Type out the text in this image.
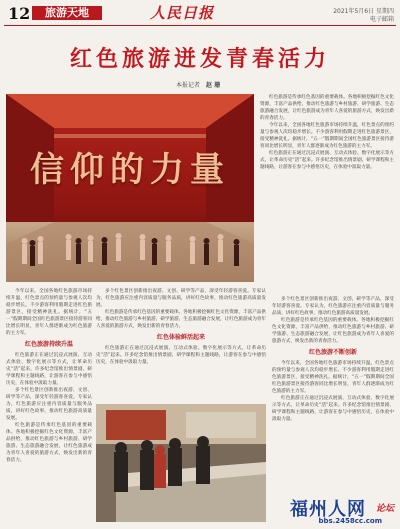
12	旅游天地	人民日报	2021年5月6日 星期四
电子邮箱
红色旅游迸发青春活力
本报记者 赵 珊
信仰的力量

红色旅游是传承红色基因的重要载体。各地积极挖掘红色文化资源，丰富产品供给，推动红色旅游与乡村旅游、研学旅游、生态旅游融合发展，让红色旅游成为青年人喜爱的旅游方式，焕发出新的青春活力。

今年以来，全国各地红色旅游市场持续升温，红色景点的预约量与参观人次均稳步增长。不少游客利用假期走进红色旅游景区，接受精神洗礼。据统计，“五一”假期期间全国红色旅游景区接待游客同比增长明显，青年人群逐渐成为红色旅游的主力军。

红色旅游正在通过沉浸式展演、互动式体验、数字化展示等方式，让革命历史“活”起来。许多纪念馆推出情景剧、研学课程和主题线路，让游客在参与中感悟历史，在体验中汲取力量。

今年以来，全国各地红色旅游市场持续升温，红色景点的预约量与参观人次均稳步增长。不少游客利用假期走进红色旅游景区，接受精神洗礼。据统计，“五一”假期期间全国红色旅游景区接待游客同比增长明显，青年人群逐渐成为红色旅游的主力军。

红色旅游持续升温

红色旅游正在通过沉浸式展演、互动式体验、数字化展示等方式，让革命历史“活”起来。许多纪念馆推出情景剧、研学课程和主题线路，让游客在参与中感悟历史，在体验中汲取力量。

多个红色景区创新推出夜游、文创、研学等产品，深受年轻游客喜爱。专家认为，红色旅游应注重内容质量与服务品质，讲好红色故事，推动红色旅游高质量发展。

红色旅游是传承红色基因的重要载体。各地积极挖掘红色文化资源，丰富产品供给，推动红色旅游与乡村旅游、研学旅游、生态旅游融合发展，让红色旅游成为青年人喜爱的旅游方式，焕发出新的青春活力。

多个红色景区创新推出夜游、文创、研学等产品，深受年轻游客喜爱。专家认为，红色旅游应注重内容质量与服务品质，讲好红色故事，推动红色旅游高质量发展。

红色旅游是传承红色基因的重要载体。各地积极挖掘红色文化资源，丰富产品供给，推动红色旅游与乡村旅游、研学旅游、生态旅游融合发展，让红色旅游成为青年人喜爱的旅游方式，焕发出新的青春活力。

红色体验鲜活起来

红色旅游正在通过沉浸式展演、互动式体验、数字化展示等方式，让革命历史“活”起来。许多纪念馆推出情景剧、研学课程和主题线路，让游客在参与中感悟历史，在体验中汲取力量。

多个红色景区创新推出夜游、文创、研学等产品，深受年轻游客喜爱。专家认为，红色旅游应注重内容质量与服务品质，讲好红色故事，推动红色旅游高质量发展。

红色旅游是传承红色基因的重要载体。各地积极挖掘红色文化资源，丰富产品供给，推动红色旅游与乡村旅游、研学旅游、生态旅游融合发展，让红色旅游成为青年人喜爱的旅游方式，焕发出新的青春活力。

红色旅游不断创新

今年以来，全国各地红色旅游市场持续升温，红色景点的预约量与参观人次均稳步增长。不少游客利用假期走进红色旅游景区，接受精神洗礼。据统计，“五一”假期期间全国红色旅游景区接待游客同比增长明显，青年人群逐渐成为红色旅游的主力军。

红色旅游正在通过沉浸式展演、互动式体验、数字化展示等方式，让革命历史“活”起来。许多纪念馆推出情景剧、研学课程和主题线路，让游客在参与中感悟历史，在体验中汲取力量。

福州人网 论坛
bbs.2458cc.com
